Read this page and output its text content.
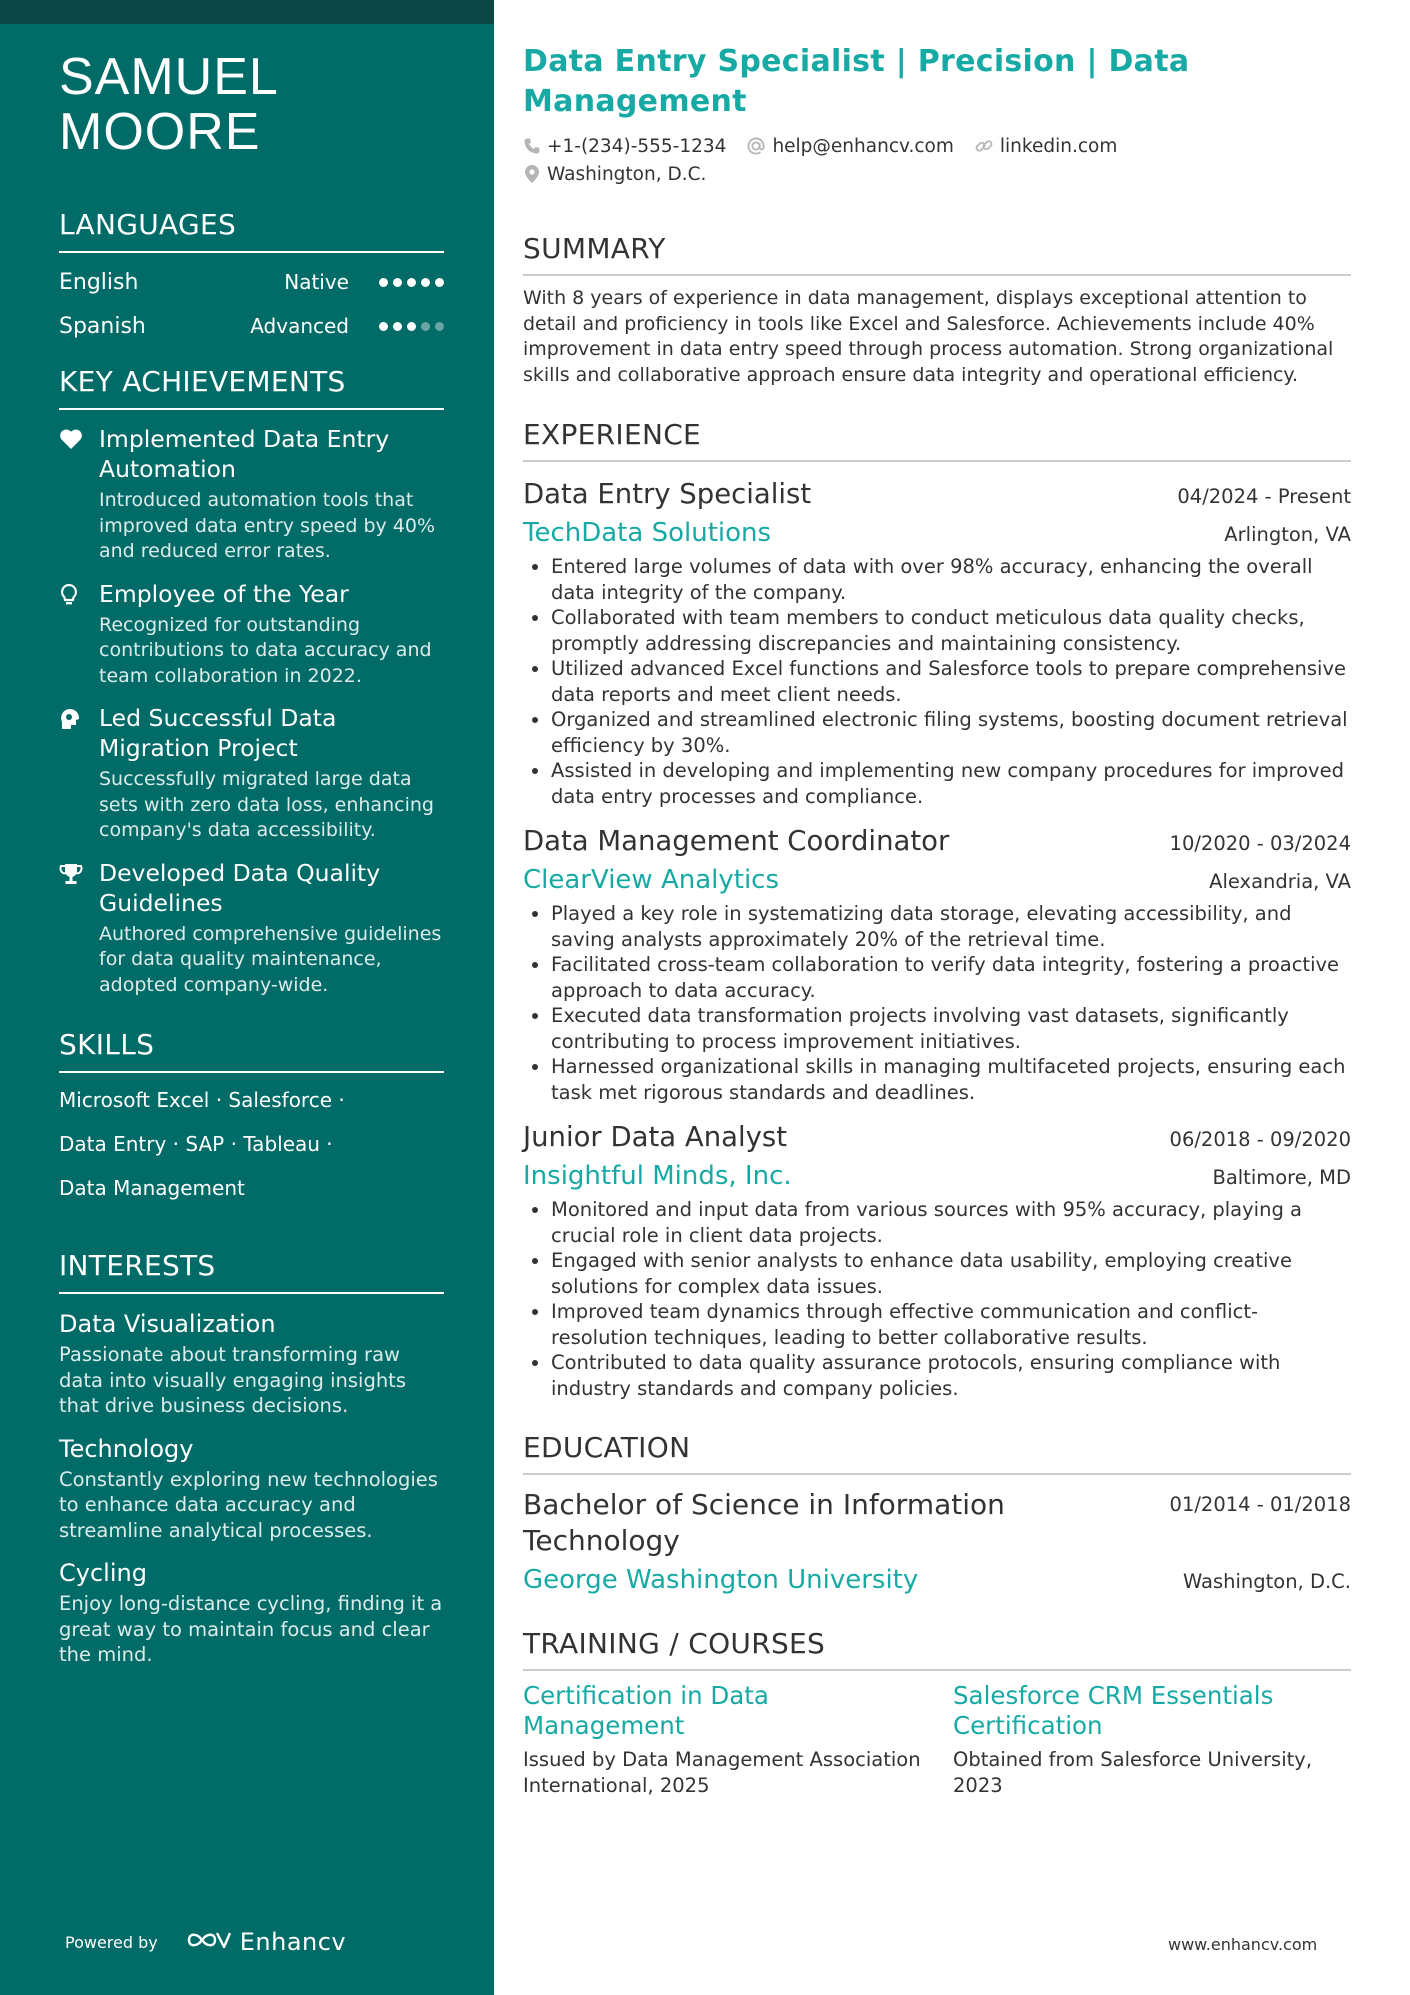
SAMUEL
MOORE
LANGUAGES
English	Native
Spanish	Advanced
KEY ACHIEVEMENTS
Implemented Data Entry Automation
Introduced automation tools that improved data entry speed by 40% and reduced error rates.
Employee of the Year
Recognized for outstanding contributions to data accuracy and team collaboration in 2022.
Led Successful Data Migration Project
Successfully migrated large data sets with zero data loss, enhancing company's data accessibility.
Developed Data Quality Guidelines
Authored comprehensive guidelines for data quality maintenance, adopted company-wide.
SKILLS
Microsoft Excel · Salesforce ·
Data Entry · SAP · Tableau ·
Data Management
INTERESTS
Data Visualization
Passionate about transforming raw data into visually engaging insights that drive business decisions.
Technology
Constantly exploring new technologies to enhance data accuracy and streamline analytical processes.
Cycling
Enjoy long-distance cycling, finding it a great way to maintain focus and clear the mind.
Powered by	Enhancv
Data Entry Specialist | Precision | Data Management
+1-(234)-555-1234 help@enhancv.com linkedin.com
Washington, D.C.
SUMMARY
With 8 years of experience in data management, displays exceptional attention to detail and proficiency in tools like Excel and Salesforce. Achievements include 40% improvement in data entry speed through process automation. Strong organizational skills and collaborative approach ensure data integrity and operational efficiency.
EXPERIENCE
Data Entry Specialist	04/2024 - Present
TechData Solutions	Arlington, VA
• Entered large volumes of data with over 98% accuracy, enhancing the overall data integrity of the company.
• Collaborated with team members to conduct meticulous data quality checks, promptly addressing discrepancies and maintaining consistency.
• Utilized advanced Excel functions and Salesforce tools to prepare comprehensive data reports and meet client needs.
• Organized and streamlined electronic filing systems, boosting document retrieval efficiency by 30%.
• Assisted in developing and implementing new company procedures for improved data entry processes and compliance.
Data Management Coordinator	10/2020 - 03/2024
ClearView Analytics	Alexandria, VA
• Played a key role in systematizing data storage, elevating accessibility, and saving analysts approximately 20% of the retrieval time.
• Facilitated cross-team collaboration to verify data integrity, fostering a proactive approach to data accuracy.
• Executed data transformation projects involving vast datasets, significantly contributing to process improvement initiatives.
• Harnessed organizational skills in managing multifaceted projects, ensuring each task met rigorous standards and deadlines.
Junior Data Analyst	06/2018 - 09/2020
Insightful Minds, Inc.	Baltimore, MD
• Monitored and input data from various sources with 95% accuracy, playing a crucial role in client data projects.
• Engaged with senior analysts to enhance data usability, employing creative solutions for complex data issues.
• Improved team dynamics through effective communication and conflict-resolution techniques, leading to better collaborative results.
• Contributed to data quality assurance protocols, ensuring compliance with industry standards and company policies.
EDUCATION
Bachelor of Science in Information Technology
01/2014 - 01/2018
George Washington University	Washington, D.C.
TRAINING / COURSES
Certification in Data Management
Issued by Data Management Association International, 2025
Salesforce CRM Essentials Certification
Obtained from Salesforce University, 2023
www.enhancv.com
